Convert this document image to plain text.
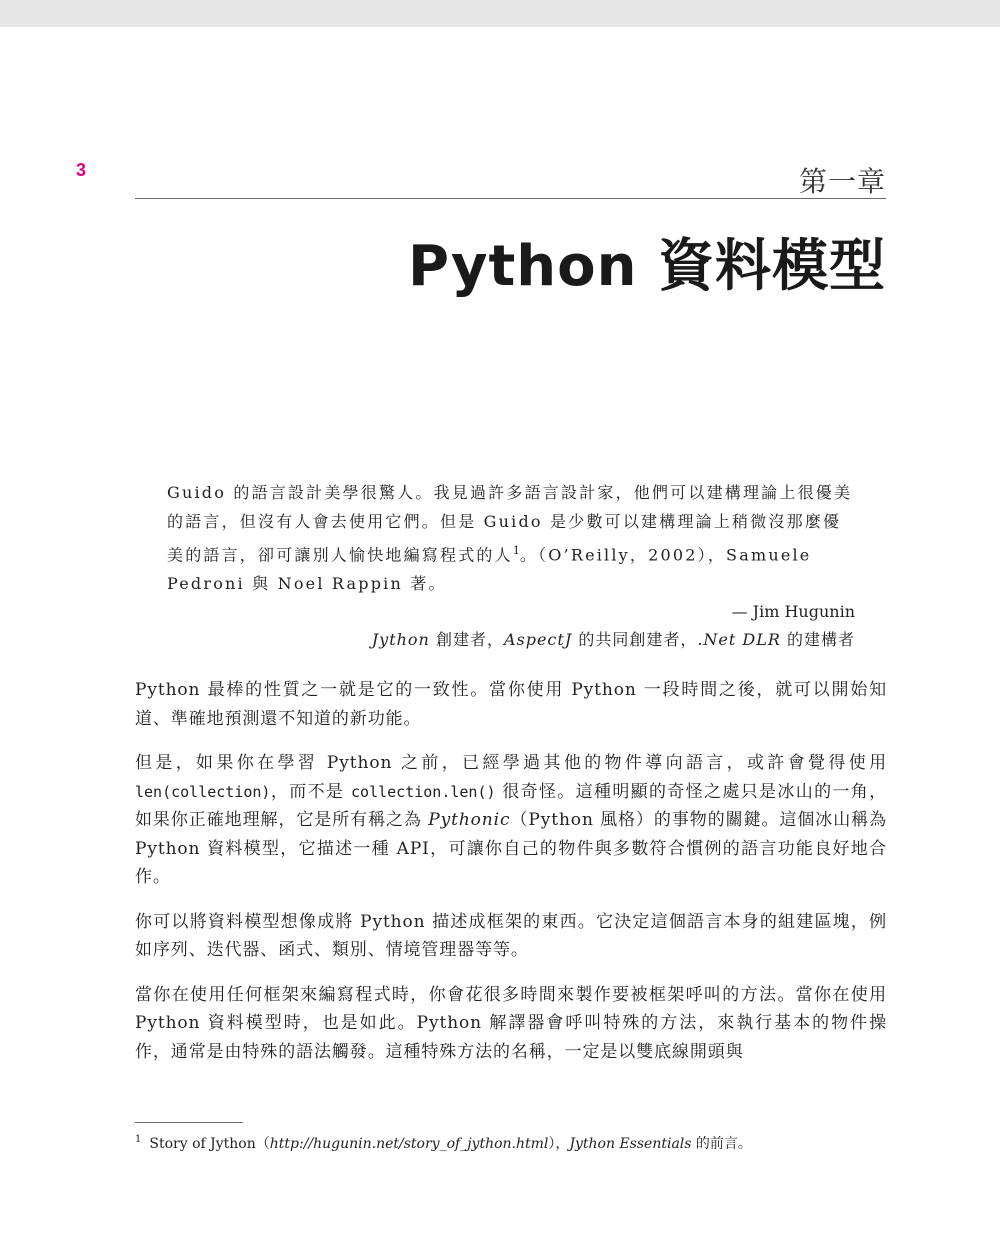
3	第一章
Python 資料模型

Guido 的語言設計美學很驚人。我見過許多語言設計家，他們可以建構理論上很優美的語言，但沒有人會去使用它們。但是 Guido 是少數可以建構理論上稍微沒那麼優美的語言，卻可讓別人愉快地編寫程式的人$^1$。（O’Reilly，2002），Samuele Pedroni 與 Noel Rappin 著。

— Jim Hugunin

Jython 創建者，AspectJ 的共同創建者，.Net DLR 的建構者

Python 最棒的性質之一就是它的一致性。當你使用 Python 一段時間之後，就可以開始知道、準確地預測還不知道的新功能。

但是，如果你在學習 Python 之前，已經學過其他的物件導向語言，或許會覺得使用 len(collection)，而不是 collection.len() 很奇怪。這種明顯的奇怪之處只是冰山的一角，如果你正確地理解，它是所有稱之為 Pythonic（Python 風格）的事物的關鍵。這個冰山稱為 Python 資料模型，它描述一種 API，可讓你自己的物件與多數符合慣例的語言功能良好地合作。

你可以將資料模型想像成將 Python 描述成框架的東西。它決定這個語言本身的組建區塊，例如序列、迭代器、函式、類別、情境管理器等等。

當你在使用任何框架來編寫程式時，你會花很多時間來製作要被框架呼叫的方法。當你在使用 Python 資料模型時，也是如此。Python 解譯器會呼叫特殊的方法，來執行基本的物件操作，通常是由特殊的語法觸發。這種特殊方法的名稱，一定是以雙底線開頭與

$^1$ Story of Jython（http://hugunin.net/story_of_jython.html），Jython Essentials 的前言。
